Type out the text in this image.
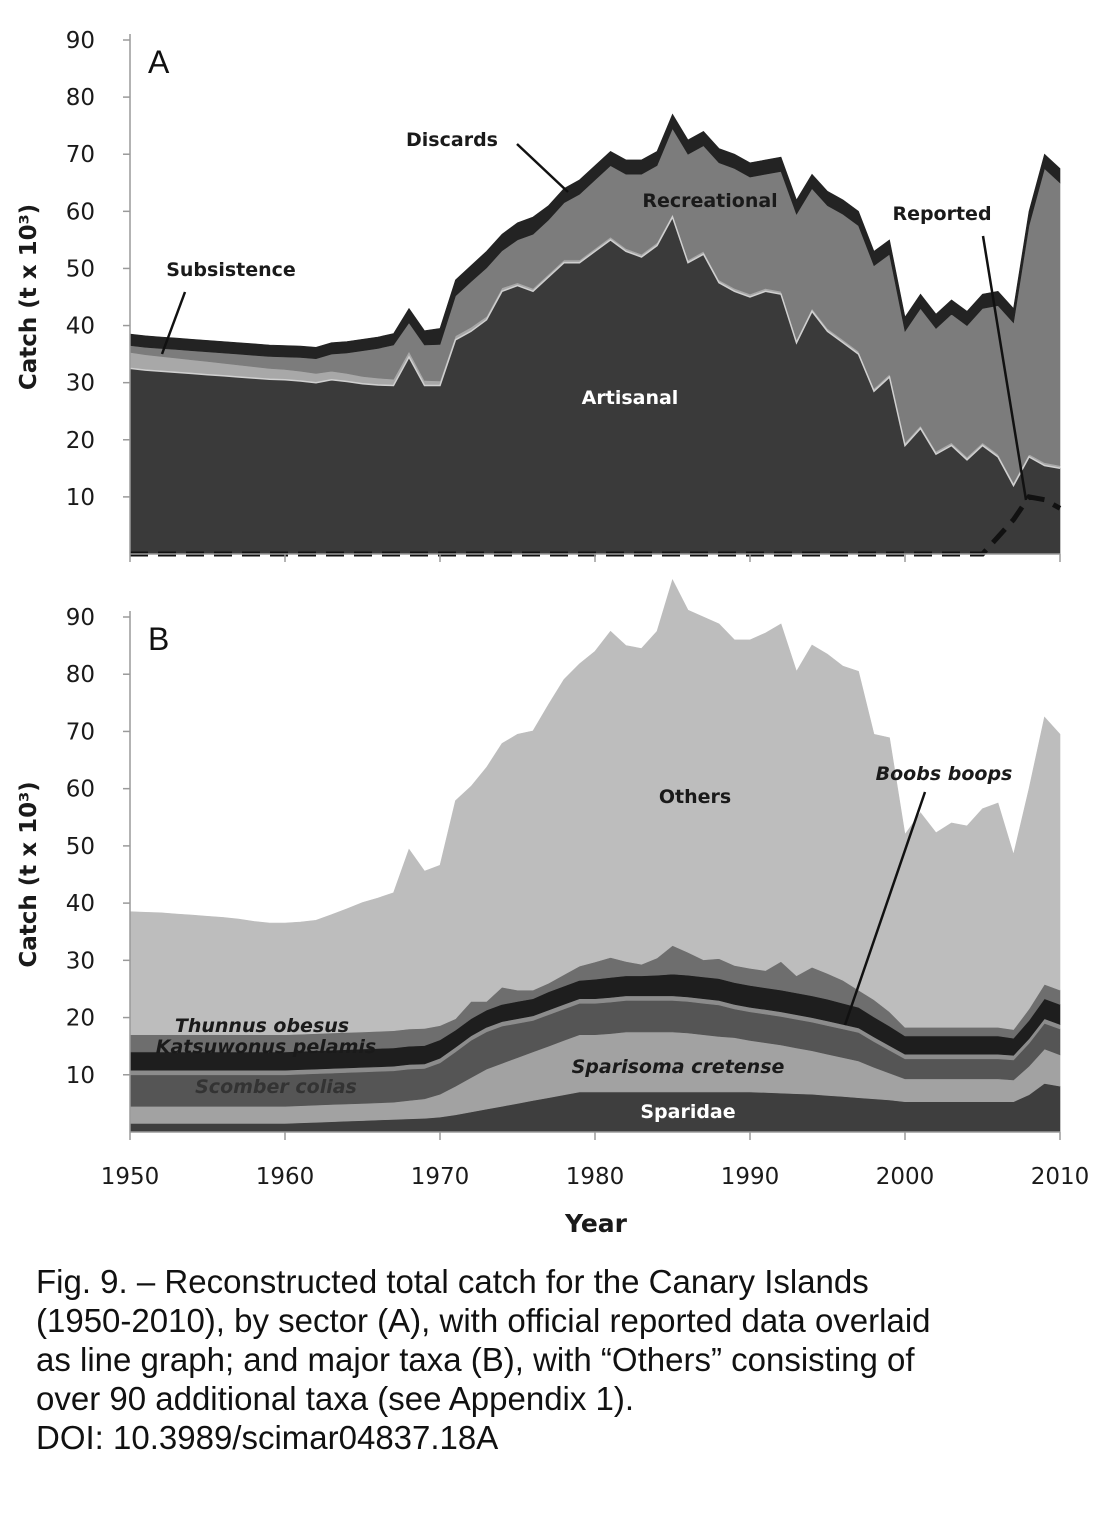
10
20
30
40
50
60
70
80
90
Catch (t x 10³)
A
Discards
Recreational
Reported
Subsistence
Artisanal
10
20
30
40
50
60
70
80
90
Catch (t x 10³)
B
1950	1960	1970	1980	1990	2000	2010
Year
Others
Boobs boops
Thunnus obesus
Katsuwonus pelamis
Scomber colias
Sparisoma cretense
Sparidae
Fig. 9. – Reconstructed total catch for the Canary Islands
(1950-2010), by sector (A), with official reported data overlaid
as line graph; and major taxa (B), with “Others” consisting of
over 90 additional taxa (see Appendix 1).
DOI: 10.3989/scimar04837.18A
